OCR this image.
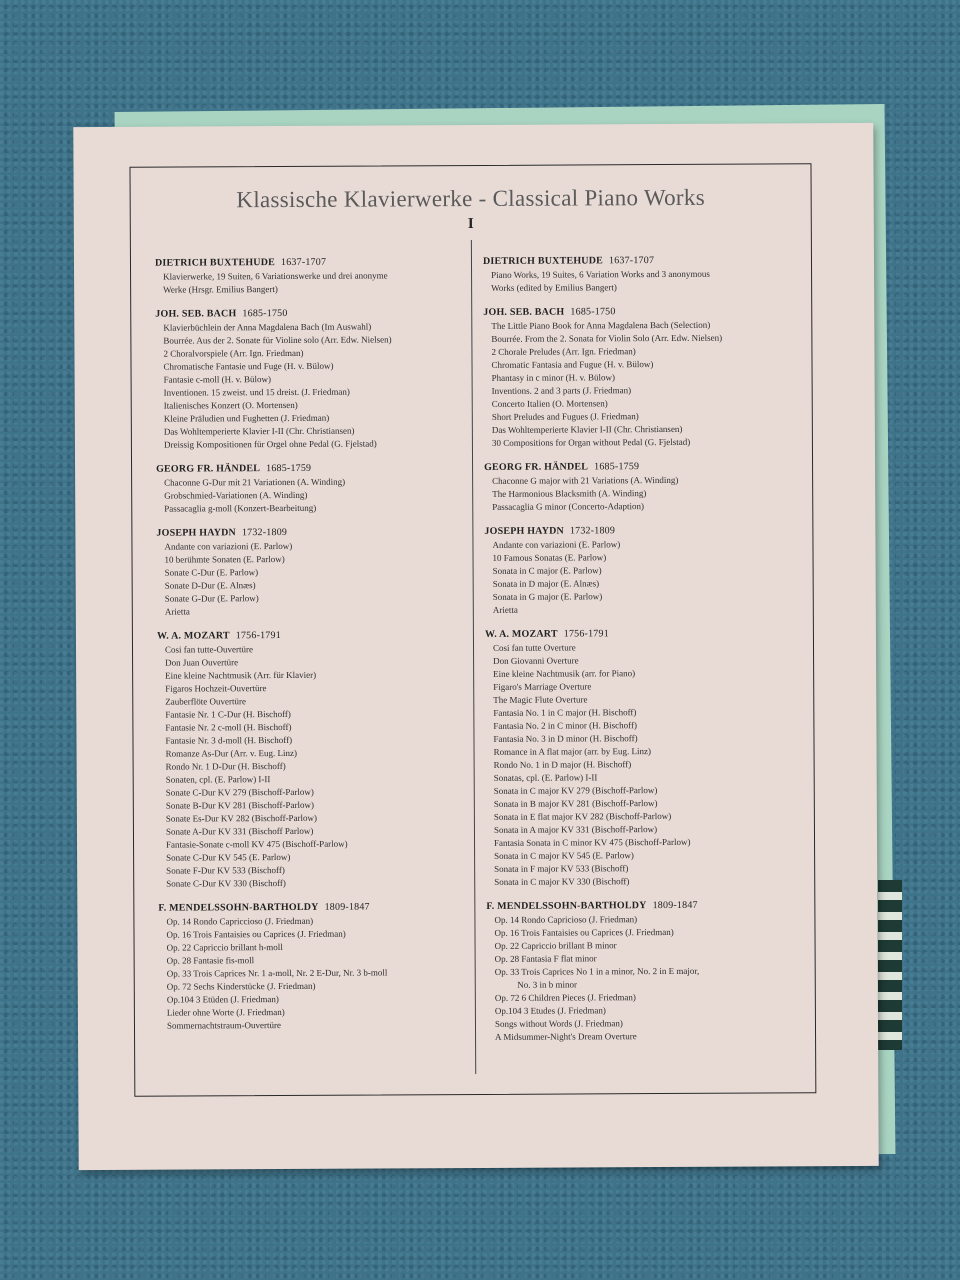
Klassische Klavierwerke - Classical Piano Works
I
DIETRICH BUXTEHUDE 1637-1707
Klavierwerke, 19 Suiten, 6 Variationswerke und drei anonyme
Werke (Hrsgr. Emilius Bangert)
JOH. SEB. BACH 1685-1750
Klavierbüchlein der Anna Magdalena Bach (Im Auswahl)
Bourrée. Aus der 2. Sonate für Violine solo (Arr. Edw. Nielsen)
2 Choralvorspiele (Arr. Ign. Friedman)
Chromatische Fantasie und Fuge (H. v. Bülow)
Fantasie c-moll (H. v. Bülow)
Inventionen. 15 zweist. und 15 dreist. (J. Friedman)
Italienisches Konzert (O. Mortensen)
Kleine Präludien und Fughetten (J. Friedman)
Das Wohltemperierte Klavier I-II (Chr. Christiansen)
Dreissig Kompositionen für Orgel ohne Pedal (G. Fjelstad)
GEORG FR. HÄNDEL 1685-1759
Chaconne G-Dur mit 21 Variationen (A. Winding)
Grobschmied-Variationen (A. Winding)
Passacaglia g-moll (Konzert-Bearbeitung)
JOSEPH HAYDN 1732-1809
Andante con variazioni (E. Parlow)
10 berühmte Sonaten (E. Parlow)
Sonate C-Dur (E. Parlow)
Sonate D-Dur (E. Alnæs)
Sonate G-Dur (E. Parlow)
Arietta
W. A. MOZART 1756-1791
Cosi fan tutte-Ouvertüre
Don Juan Ouvertüre
Eine kleine Nachtmusik (Arr. für Klavier)
Figaros Hochzeit-Ouvertüre
Zauberflöte Ouvertüre
Fantasie Nr. 1 C-Dur (H. Bischoff)
Fantasie Nr. 2 c-moll (H. Bischoff)
Fantasie Nr. 3 d-moll (H. Bischoff)
Romanze As-Dur (Arr. v. Eug. Linz)
Rondo Nr. 1 D-Dur (H. Bischoff)
Sonaten, cpl. (E. Parlow) I-II
Sonate C-Dur KV 279 (Bischoff-Parlow)
Sonate B-Dur KV 281 (Bischoff-Parlow)
Sonate Es-Dur KV 282 (Bischoff-Parlow)
Sonate A-Dur KV 331 (Bischoff Parlow)
Fantasie-Sonate c-moll KV 475 (Bischoff-Parlow)
Sonate C-Dur KV 545 (E. Parlow)
Sonate F-Dur KV 533 (Bischoff)
Sonate C-Dur KV 330 (Bischoff)
F. MENDELSSOHN-BARTHOLDY 1809-1847
Op. 14 Rondo Capriccioso (J. Friedman)
Op. 16 Trois Fantaisies ou Caprices (J. Friedman)
Op. 22 Capriccio brillant h-moll
Op. 28 Fantasie fis-moll
Op. 33 Trois Caprices Nr. 1 a-moll, Nr. 2 E-Dur, Nr. 3 b-moll
Op. 72 Sechs Kinderstücke (J. Friedman)
Op.104 3 Etüden (J. Friedman)
Lieder ohne Worte (J. Friedman)
Sommernachtstraum-Ouvertüre
DIETRICH BUXTEHUDE 1637-1707
Piano Works, 19 Suites, 6 Variation Works and 3 anonymous
Works (edited by Emilius Bangert)
JOH. SEB. BACH 1685-1750
The Little Piano Book for Anna Magdalena Bach (Selection)
Bourrée. From the 2. Sonata for Violin Solo (Arr. Edw. Nielsen)
2 Chorale Preludes (Arr. Ign. Friedman)
Chromatic Fantasia and Fugue (H. v. Bülow)
Phantasy in c minor (H. v. Bülow)
Inventions. 2 and 3 parts (J. Friedman)
Concerto Italien (O. Mortensen)
Short Preludes and Fugues (J. Friedman)
Das Wohltemperierte Klavier I-II (Chr. Christiansen)
30 Compositions for Organ without Pedal (G. Fjelstad)
GEORG FR. HÄNDEL 1685-1759
Chaconne G major with 21 Variations (A. Winding)
The Harmonious Blacksmith (A. Winding)
Passacaglia G minor (Concerto-Adaption)
JOSEPH HAYDN 1732-1809
Andante con variazioni (E. Parlow)
10 Famous Sonatas (E. Parlow)
Sonata in C major (E. Parlow)
Sonata in D major (E. Alnæs)
Sonata in G major (E. Parlow)
Arietta
W. A. MOZART 1756-1791
Cosi fan tutte Overture
Don Giovanni Overture
Eine kleine Nachtmusik (arr. for Piano)
Figaro's Marriage Overture
The Magic Flute Overture
Fantasia No. 1 in C major (H. Bischoff)
Fantasia No. 2 in C minor (H. Bischoff)
Fantasia No. 3 in D minor (H. Bischoff)
Romance in A flat major (arr. by Eug. Linz)
Rondo No. 1 in D major (H. Bischoff)
Sonatas, cpl. (E. Parlow) I-II
Sonata in C major KV 279 (Bischoff-Parlow)
Sonata in B major KV 281 (Bischoff-Parlow)
Sonata in E flat major KV 282 (Bischoff-Parlow)
Sonata in A major KV 331 (Bischoff-Parlow)
Fantasia Sonata in C minor KV 475 (Bischoff-Parlow)
Sonata in C major KV 545 (E. Parlow)
Sonata in F major KV 533 (Bischoff)
Sonata in C major KV 330 (Bischoff)
F. MENDELSSOHN-BARTHOLDY 1809-1847
Op. 14 Rondo Capricioso (J. Friedman)
Op. 16 Trois Fantaisies ou Caprices (J. Friedman)
Op. 22 Capriccio brillant B minor
Op. 28 Fantasia F flat minor
Op. 33 Trois Caprices No 1 in a minor, No. 2 in E major,
No. 3 in b minor
Op. 72 6 Children Pieces (J. Friedman)
Op.104 3 Etudes (J. Friedman)
Songs without Words (J. Friedman)
A Midsummer-Night's Dream Overture
